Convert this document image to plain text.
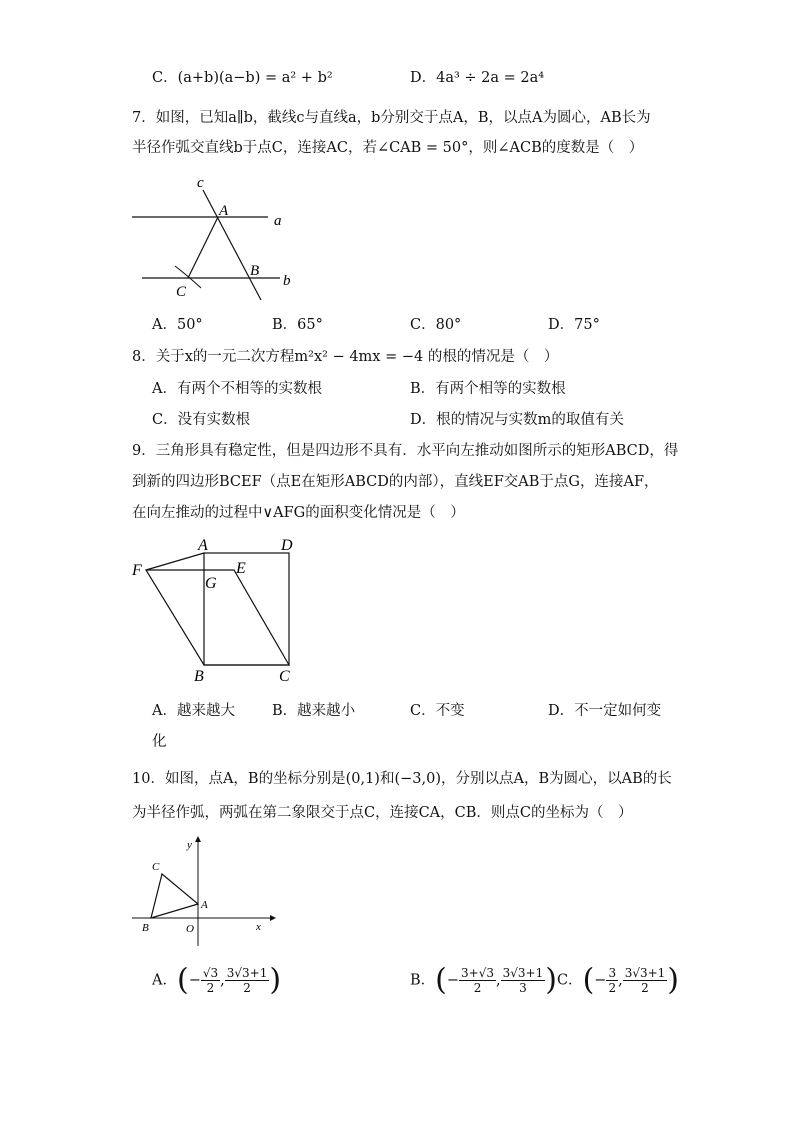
C．(a+b)(a−b) = a² + b²	D．4a³ ÷ 2a = 2a⁴
7．如图，已知a∥b，截线c与直线a，b分别交于点A，B，以点A为圆心，AB长为
半径作弧交直线b于点C，连接AC，若∠CAB = 50°，则∠ACB的度数是（　）
c
a
b
A
B
C
A．50°	B．65°	C．80°	D．75°
8．关于x的一元二次方程m²x² − 4mx = −4 的根的情况是（　）
A．有两个不相等的实数根	B．有两个相等的实数根
C．没有实数根	D．根的情况与实数m的取值有关
9．三角形具有稳定性，但是四边形不具有．水平向左推动如图所示的矩形ABCD，得
到新的四边形BCEF（点E在矩形ABCD的内部），直线EF交AB于点G，连接AF，
在向左推动的过程中∨AFG的面积变化情况是（　）
A	D
F
G
E
B	C
A．越来越大	B．越来越小	C．不变	D．不一定如何变
化
10．如图，点A，B的坐标分别是(0,1)和(−3,0)，分别以点A，B为圆心，以AB的长
为半径作弧，两弧在第二象限交于点C，连接CA，CB．则点C的坐标为（　）
y
x
C
A
B	O
A．(− $\frac{√3}{2}$ , $\frac{3√3+1}{2}$ )	B．(− $\frac{3+√3}{2}$ , $\frac{3√3+1}{3} )C$．(− $\frac{3}{2}$ , $\frac{3√3+1}{2}$ )
